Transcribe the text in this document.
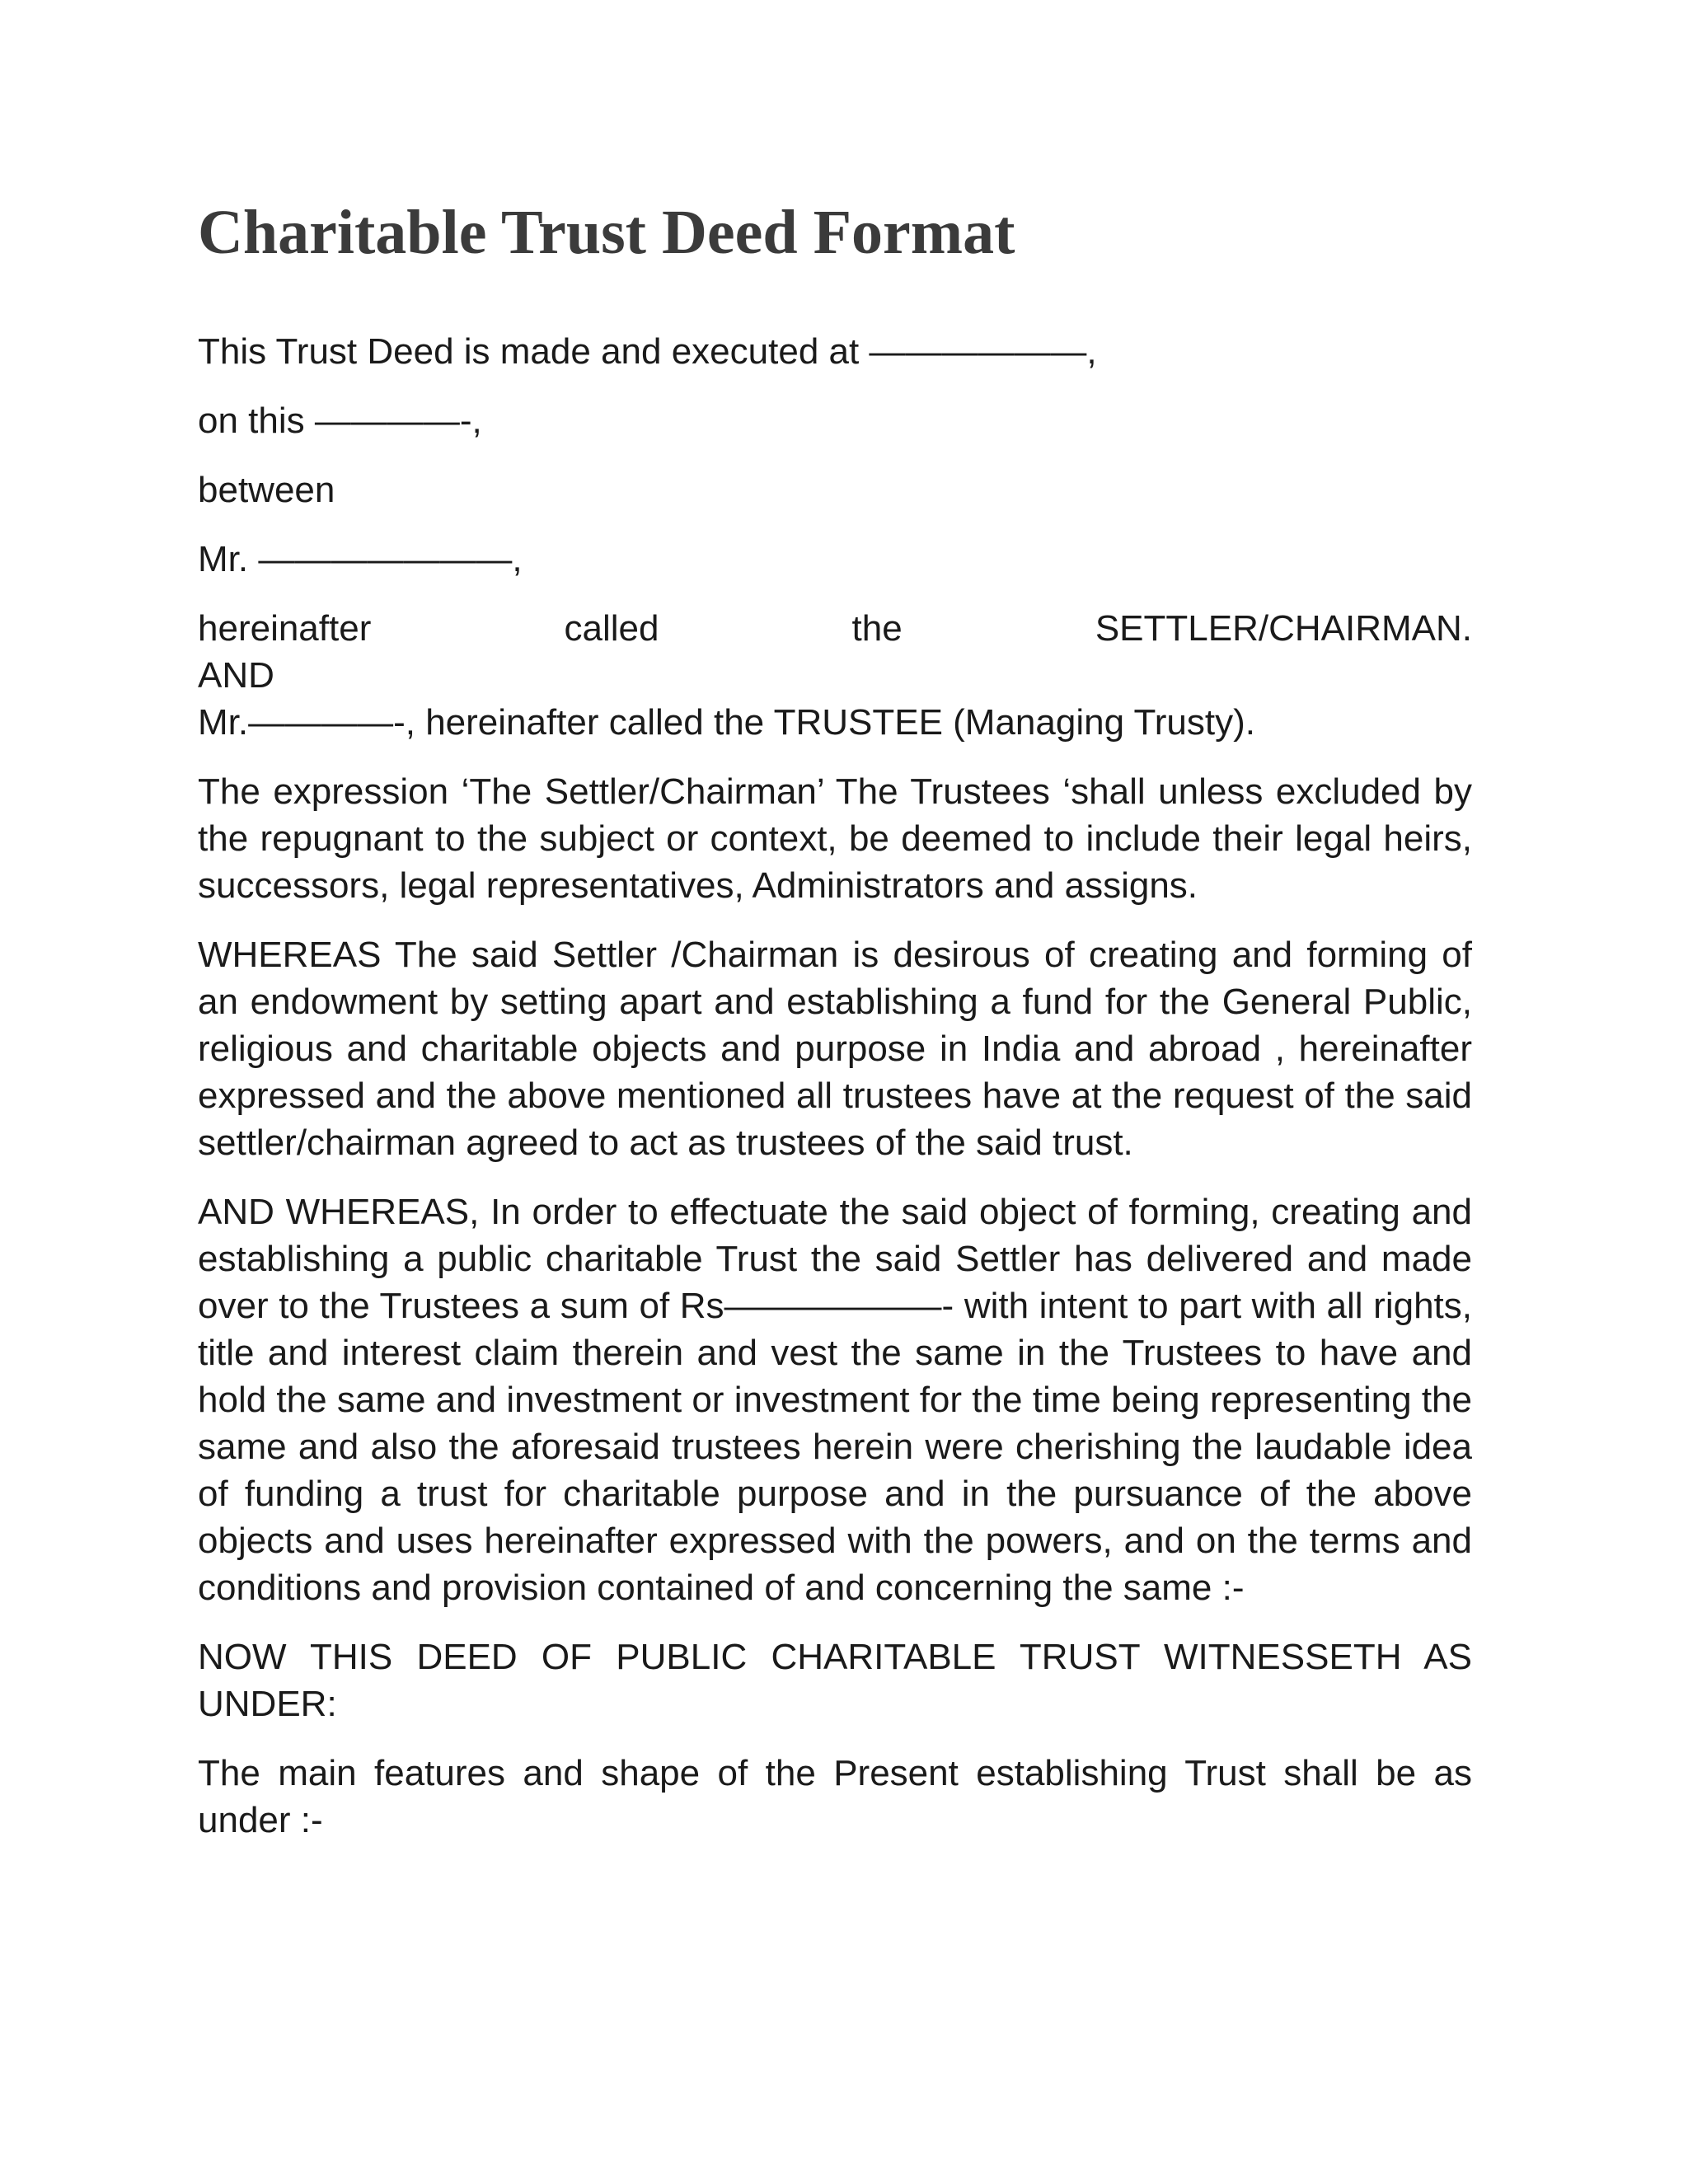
Charitable Trust Deed Format
This Trust Deed is made and executed at ——————,
on this ————-,
between
Mr. ———————,
hereinafter	called	the	SETTLER/CHAIRMAN.
AND
Mr.————-, hereinafter called the TRUSTEE (Managing Trusty).

The expression ‘The Settler/Chairman’ The Trustees ‘shall unless excluded by the repugnant to the subject or context, be deemed to include their legal heirs, successors, legal representatives, Administrators and assigns.

WHEREAS The said Settler /Chairman is desirous of creating and forming of an endowment by setting apart and establishing a fund for the General Public, religious and charitable objects and purpose in India and abroad , hereinafter expressed and the above mentioned all trustees have at the request of the said settler/chairman agreed to act as trustees of the said trust.

AND WHEREAS, In order to effectuate the said object of forming, creating and establishing a public charitable Trust the said Settler has delivered and made over to the Trustees a sum of Rs——————- with intent to part with all rights, title and interest claim therein and vest the same in the Trustees to have and hold the same and investment or investment for the time being representing the same and also the aforesaid trustees herein were cherishing the laudable idea of funding a trust for charitable purpose and in the pursuance of the above objects and uses hereinafter expressed with the powers, and on the terms and conditions and provision contained of and concerning the same :-

NOW THIS DEED OF PUBLIC CHARITABLE TRUST WITNESSETH AS UNDER:

The main features and shape of the Present establishing Trust shall be as under :-
